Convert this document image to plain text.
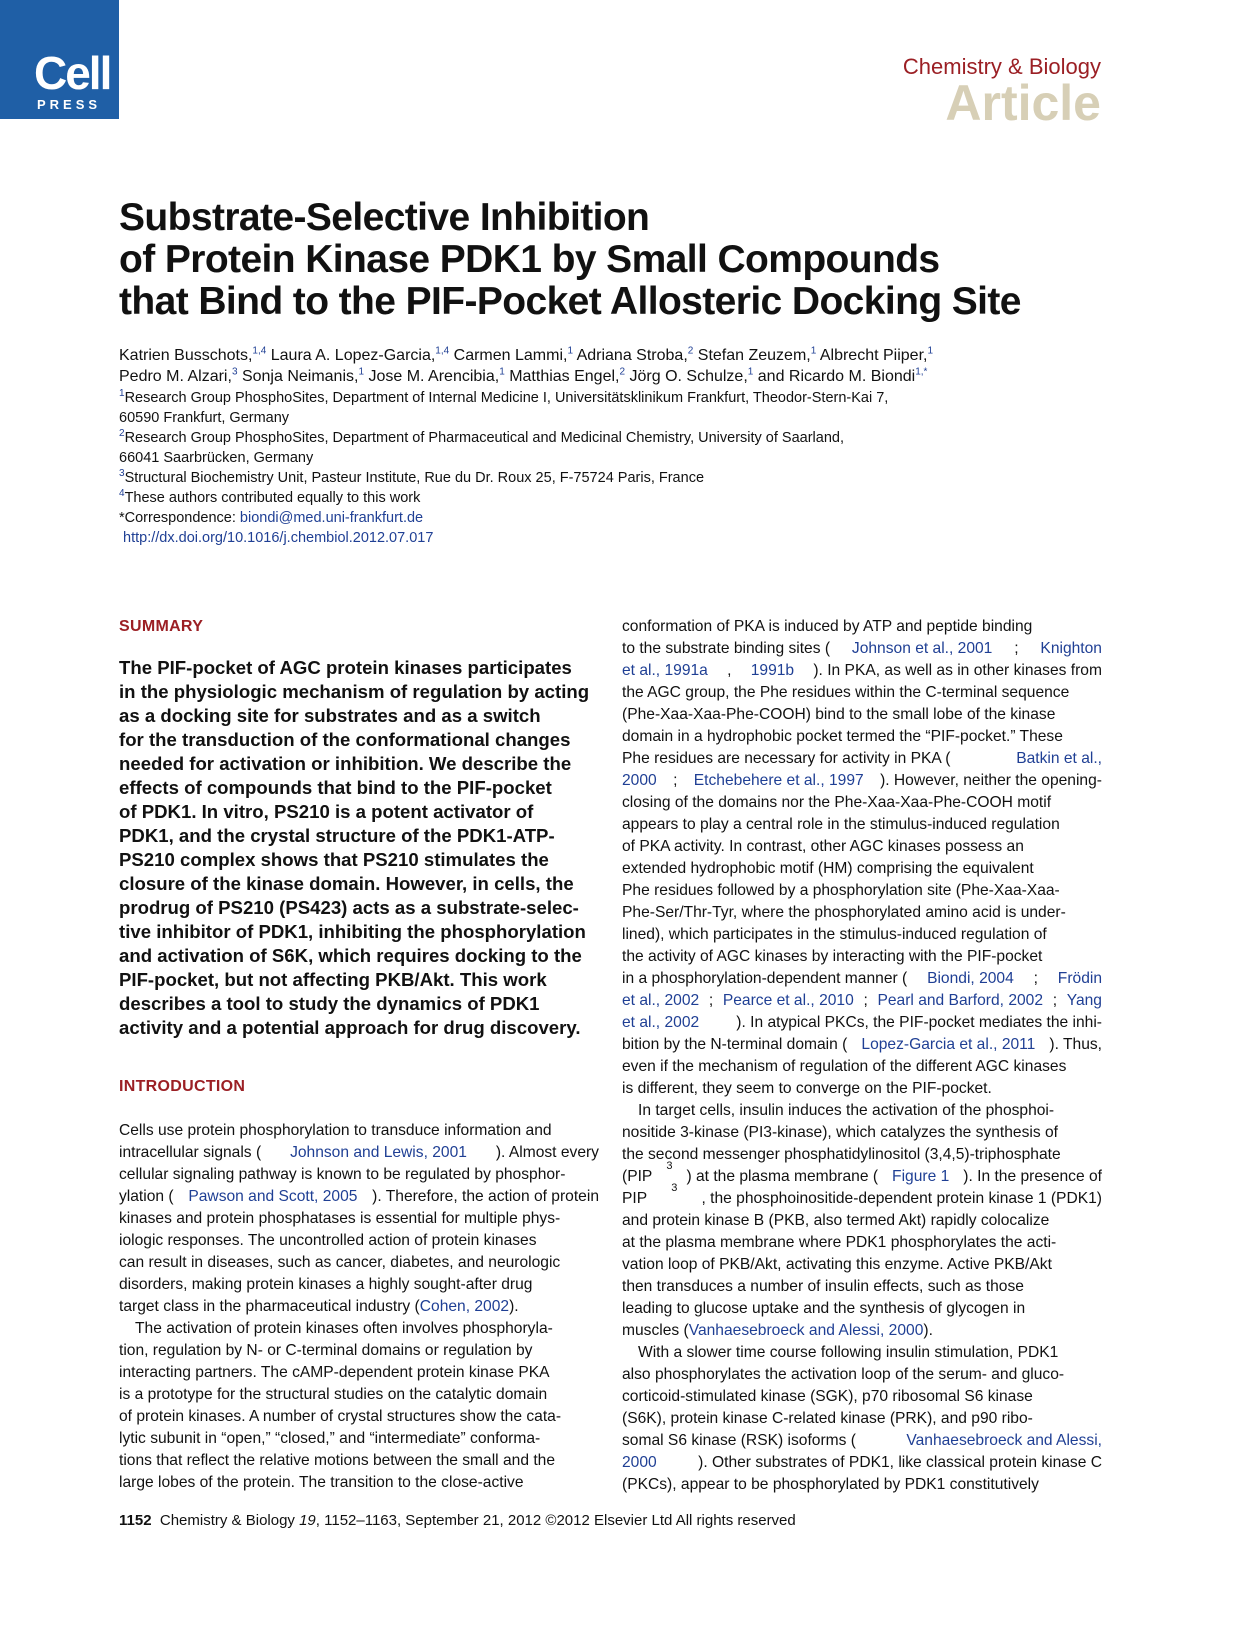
Cell
PRESS
Chemistry & Biology
Article
Substrate-Selective Inhibition
of Protein Kinase PDK1 by Small Compounds
that Bind to the PIF-Pocket Allosteric Docking Site
Katrien Busschots,$^{1,4}$ Laura A. Lopez-Garcia,$^{1,4}$ Carmen Lammi,$^1$ Adriana Stroba,$^2$ Stefan Zeuzem,$^1$ Albrecht Piiper,$^1$
Pedro M. Alzari,$^3$ Sonja Neimanis,$^1$ Jose M. Arencibia,$^1$ Matthias Engel,$^2$ Jörg O. Schulze,$^1$ and Ricardo M. Biondi$^{1,*}$
$^1$Research Group PhosphoSites, Department of Internal Medicine I, Universitätsklinikum Frankfurt, Theodor-Stern-Kai 7,
60590 Frankfurt, Germany
$^2$Research Group PhosphoSites, Department of Pharmaceutical and Medicinal Chemistry, University of Saarland,
66041 Saarbrücken, Germany
$^3$Structural Biochemistry Unit, Pasteur Institute, Rue du Dr. Roux 25, F-75724 Paris, France
$^4$These authors contributed equally to this work
*Correspondence: biondi@med.uni-frankfurt.de
http://dx.doi.org/10.1016/j.chembiol.2012.07.017
SUMMARY
The PIF-pocket of AGC protein kinases participates
in the physiologic mechanism of regulation by acting
as a docking site for substrates and as a switch
for the transduction of the conformational changes
needed for activation or inhibition. We describe the
effects of compounds that bind to the PIF-pocket
of PDK1. In vitro, PS210 is a potent activator of
PDK1, and the crystal structure of the PDK1-ATP-
PS210 complex shows that PS210 stimulates the
closure of the kinase domain. However, in cells, the
prodrug of PS210 (PS423) acts as a substrate-selec-
tive inhibitor of PDK1, inhibiting the phosphorylation
and activation of S6K, which requires docking to the
PIF-pocket, but not affecting PKB/Akt. This work
describes a tool to study the dynamics of PDK1
activity and a potential approach for drug discovery.
INTRODUCTION
Cells use protein phosphorylation to transduce information and
intracellular signals ( Johnson and Lewis, 2001 ). Almost every
cellular signaling pathway is known to be regulated by phosphor-
ylation ( Pawson and Scott, 2005 ). Therefore, the action of protein
kinases and protein phosphatases is essential for multiple phys-
iologic responses. The uncontrolled action of protein kinases
can result in diseases, such as cancer, diabetes, and neurologic
disorders, making protein kinases a highly sought-after drug
target class in the pharmaceutical industry ( Cohen, 2002 ).
The activation of protein kinases often involves phosphoryla-
tion, regulation by N- or C-terminal domains or regulation by
interacting partners. The cAMP-dependent protein kinase PKA
is a prototype for the structural studies on the catalytic domain
of protein kinases. A number of crystal structures show the cata-
lytic subunit in “open,” “closed,” and “intermediate” conforma-
tions that reflect the relative motions between the small and the
large lobes of the protein. The transition to the close-active
conformation of PKA is induced by ATP and peptide binding
to the substrate binding sites ( Johnson et al., 2001 ; Knighton
et al., 1991a , 1991b ). In PKA, as well as in other kinases from
the AGC group, the Phe residues within the C-terminal sequence
(Phe-Xaa-Xaa-Phe-COOH) bind to the small lobe of the kinase
domain in a hydrophobic pocket termed the “PIF-pocket.” These
Phe residues are necessary for activity in PKA (	Batkin et al.,
2000 ; Etchebehere et al., 1997 ). However, neither the opening-
closing of the domains nor the Phe-Xaa-Xaa-Phe-COOH motif
appears to play a central role in the stimulus-induced regulation
of PKA activity. In contrast, other AGC kinases possess an
extended hydrophobic motif (HM) comprising the equivalent
Phe residues followed by a phosphorylation site (Phe-Xaa-Xaa-
Phe-Ser/Thr-Tyr, where the phosphorylated amino acid is under-
lined), which participates in the stimulus-induced regulation of
the activity of AGC kinases by interacting with the PIF-pocket
in a phosphorylation-dependent manner ( Biondi, 2004 ; Frödin
et al., 2002 ; Pearce et al., 2010 ; Pearl and Barford, 2002 ; Yang
et al., 2002 ). In atypical PKCs, the PIF-pocket mediates the inhi-
bition by the N-terminal domain ( Lopez-Garcia et al., 2011 ). Thus,
even if the mechanism of regulation of the different AGC kinases
is different, they seem to converge on the PIF-pocket.
In target cells, insulin induces the activation of the phosphoi-
nositide 3-kinase (PI3-kinase), which catalyzes the synthesis of
the second messenger phosphatidylinositol (3,4,5)-triphosphate
(PIP
3
) at the plasma membrane ( Figure 1 ). In the presence of
PIP
3
, the phosphoinositide-dependent protein kinase 1 (PDK1)
and protein kinase B (PKB, also termed Akt) rapidly colocalize
at the plasma membrane where PDK1 phosphorylates the acti-
vation loop of PKB/Akt, activating this enzyme. Active PKB/Akt
then transduces a number of insulin effects, such as those
leading to glucose uptake and the synthesis of glycogen in
muscles ( Vanhaesebroeck and Alessi, 2000 ).
With a slower time course following insulin stimulation, PDK1
also phosphorylates the activation loop of the serum- and gluco-
corticoid-stimulated kinase (SGK), p70 ribosomal S6 kinase
(S6K), protein kinase C-related kinase (PRK), and p90 ribo-
somal S6 kinase (RSK) isoforms (	Vanhaesebroeck and Alessi,
2000	). Other substrates of PDK1, like classical protein kinase C
(PKCs), appear to be phosphorylated by PDK1 constitutively
1152  Chemistry & Biology 19, 1152–1163, September 21, 2012 ©2012 Elsevier Ltd All rights reserved
